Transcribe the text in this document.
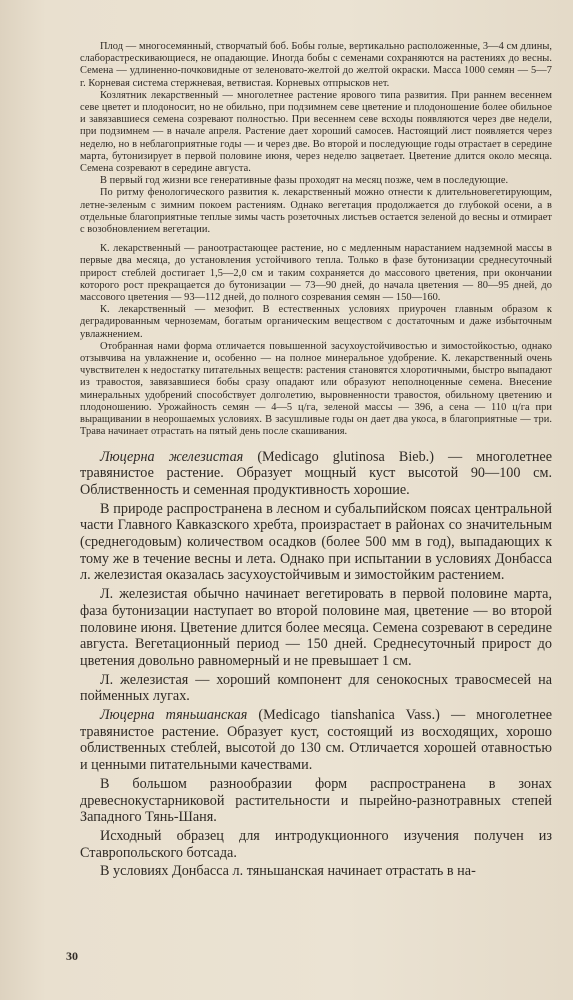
Плод — многосемянный, створчатый боб. Бобы голые, вертикально расположенные, 3—4 см длины, слаборастрескивающиеся, не опадающие. Иногда бобы с семенами сохраняются на растениях до весны. Семена — удлиненно-почковидные от зеленовато-желтой до желтой окраски. Масса 1000 семян — 5—7 г. Корневая система стержневая, ветвистая. Корневых отпрысков нет.

Козлятник лекарственный — многолетнее растение ярового типа развития. При раннем весеннем севе цветет и плодоносит, но не обильно, при подзимнем севе цветение и плодоношение более обильное и завязавшиеся семена созревают полностью. При весеннем севе всходы появляются через две недели, при подзимнем — в начале апреля. Растение дает хороший самосев. Настоящий лист появляется через неделю, но в неблагоприятные годы — и через две. Во второй и последующие годы отрастает в середине марта, бутонизирует в первой половине июня, через неделю зацветает. Цветение длится около месяца. Семена созревают в середине августа.

В первый год жизни все генеративные фазы проходят на месяц позже, чем в последующие.

По ритму фенологического развития к. лекарственный можно отнести к длительновегетирующим, летне-зеленым с зимним покоем растениям. Однако вегетация продолжается до глубокой осени, а в отдельные благоприятные теплые зимы часть розеточных листьев остается зеленой до весны и отмирает с возобновлением вегетации.

К. лекарственный — раноотрастающее растение, но с медленным нарастанием надземной массы в первые два месяца, до установления устойчивого тепла. Только в фазе бутонизации среднесуточный прирост стеблей достигает 1,5—2,0 см и таким сохраняется до массового цветения, при окончании которого рост прекращается до бутонизации — 73—90 дней, до начала цветения — 80—95 дней, до массового цветения — 93—112 дней, до полного созревания семян — 150—160.

К. лекарственный — мезофит. В естественных условиях приурочен главным образом к деградированным черноземам, богатым органическим веществом с достаточным и даже избыточным увлажнением.

Отобранная нами форма отличается повышенной засухоустойчивостью и зимостойкостью, однако отзывчива на увлажнение и, особенно — на полное минеральное удобрение. К. лекарственный очень чувствителен к недостатку питательных веществ: растения становятся хлоротичными, быстро выпадают из травостоя, завязавшиеся бобы сразу опадают или образуют неполноценные семена. Внесение минеральных удобрений способствует долголетию, выровненности травостоя, обильному цветению и плодоношению. Урожайность семян — 4—5 ц/га, зеленой массы — 396, а сена — 110 ц/га при выращивании в неорошаемых условиях. В засушливые годы он дает два укоса, в благоприятные — три. Трава начинает отрастать на пятый день после скашивания.

Люцерна железистая (Medicago glutinosa Bieb.) — многолетнее травянистое растение. Образует мощный куст высотой 90—100 см. Облиственность и семенная продуктивность хорошие.

В природе распространена в лесном и субальпийском поясах центральной части Главного Кавказского хребта, произрастает в районах со значительным (среднегодовым) количеством осадков (более 500 мм в год), выпадающих к тому же в течение весны и лета. Однако при испытании в условиях Донбасса л. железистая оказалась засухоустойчивым и зимостойким растением.

Л. железистая обычно начинает вегетировать в первой половине марта, фаза бутонизации наступает во второй половине мая, цветение — во второй половине июня. Цветение длится более месяца. Семена созревают в середине августа. Вегетационный период — 150 дней. Среднесуточный прирост до цветения довольно равномерный и не превышает 1 см.

Л. железистая — хороший компонент для сенокосных травосмесей на пойменных лугах.

Люцерна тяньшанская (Medicago tianshanica Vass.) — многолетнее травянистое растение. Образует куст, состоящий из восходящих, хорошо облиственных стеблей, высотой до 130 см. Отличается хорошей отавностью и ценными питательными качествами.

В большом разнообразии форм распространена в зонах древеснокустарниковой растительности и пырейно-разнотравных степей Западного Тянь-Шаня.

Исходный образец для интродукционного изучения получен из Ставропольского ботсада.

В условиях Донбасса л. тяньшанская начинает отрастать в на-

30
